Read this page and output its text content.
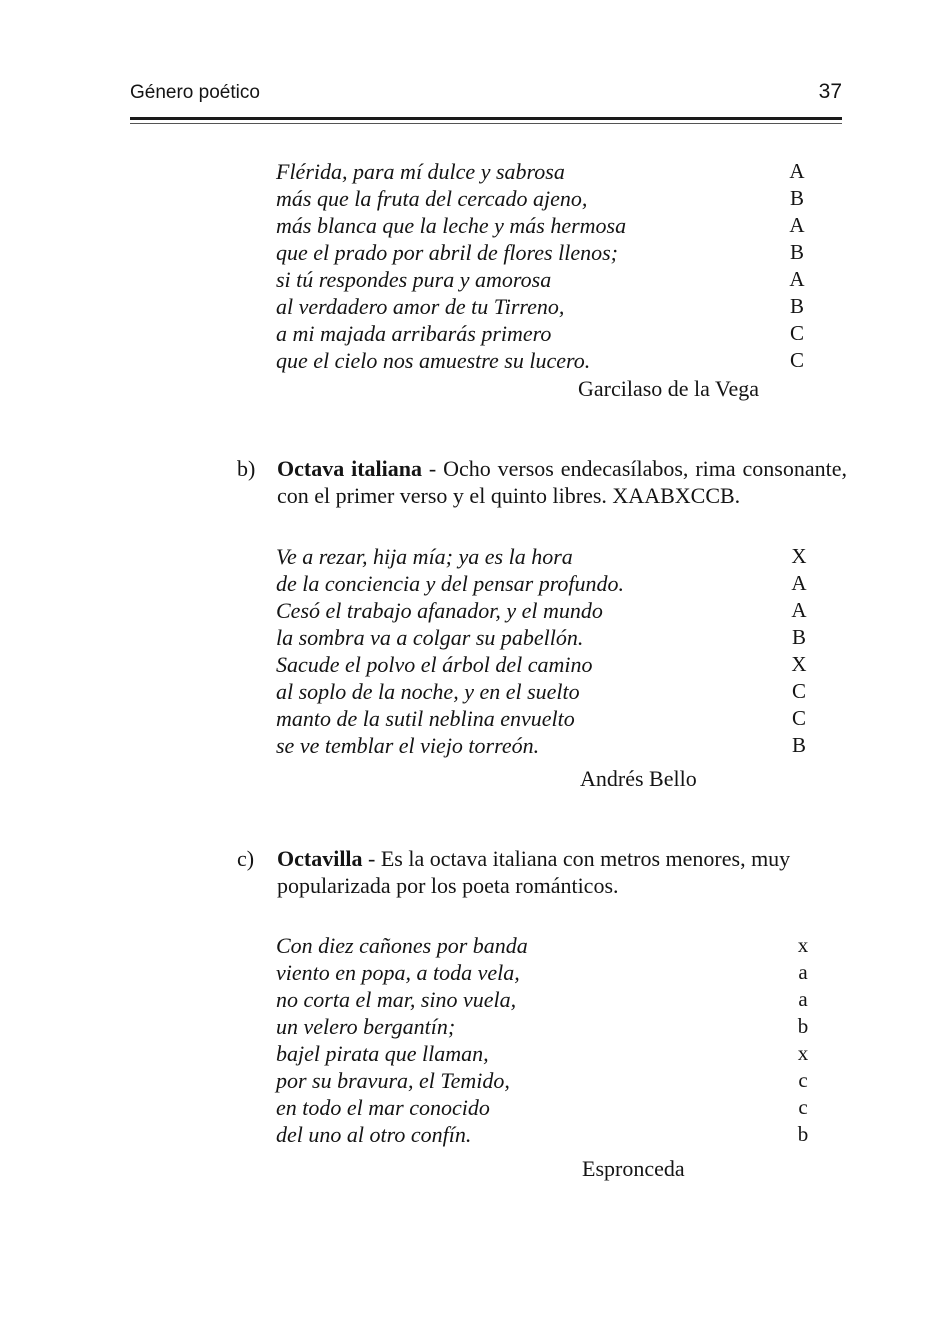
Género poético	37
Flérida, para mí dulce y sabrosa	A
más que la fruta del cercado ajeno,	B
más blanca que la leche y más hermosa	A
que el prado por abril de flores llenos;	B
si tú respondes pura y amorosa	A
al verdadero amor de tu Tirreno,	B
a mi majada arribarás primero	C
que el cielo nos amuestre su lucero.	C
Garcilaso de la Vega
b) Octava italiana - Ocho versos endecasílabos, rima consonante, con el primer verso y el quinto libres. XAABXCCB.
Ve a rezar, hija mía; ya es la hora	X
de la conciencia y del pensar profundo.	A
Cesó el trabajo afanador, y el mundo	A
la sombra va a colgar su pabellón.	B
Sacude el polvo el árbol del camino	X
al soplo de la noche, y en el suelto	C
manto de la sutil neblina envuelto	C
se ve temblar el viejo torreón.	B
Andrés Bello
c) Octavilla - Es la octava italiana con metros menores, muy popularizada por los poeta románticos.
Con diez cañones por banda	x
viento en popa, a toda vela,	a
no corta el mar, sino vuela,	a
un velero bergantín;	b
bajel pirata que llaman,	x
por su bravura, el Temido,	c
en todo el mar conocido	c
del uno al otro confín.	b
Espronceda
